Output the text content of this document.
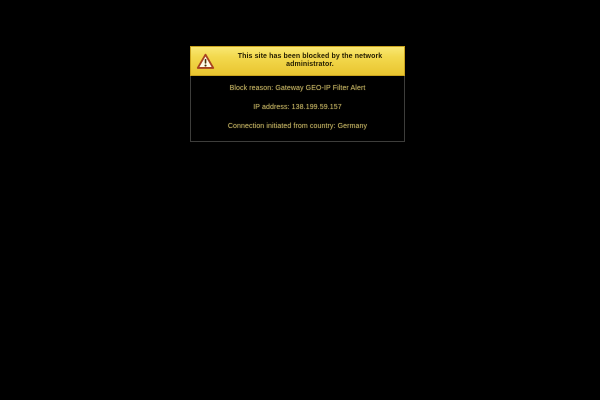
This site has been blocked by the network administrator.
Block reason: Gateway GEO-IP Filter Alert
IP address: 138.199.59.157
Connection initiated from country: Germany
